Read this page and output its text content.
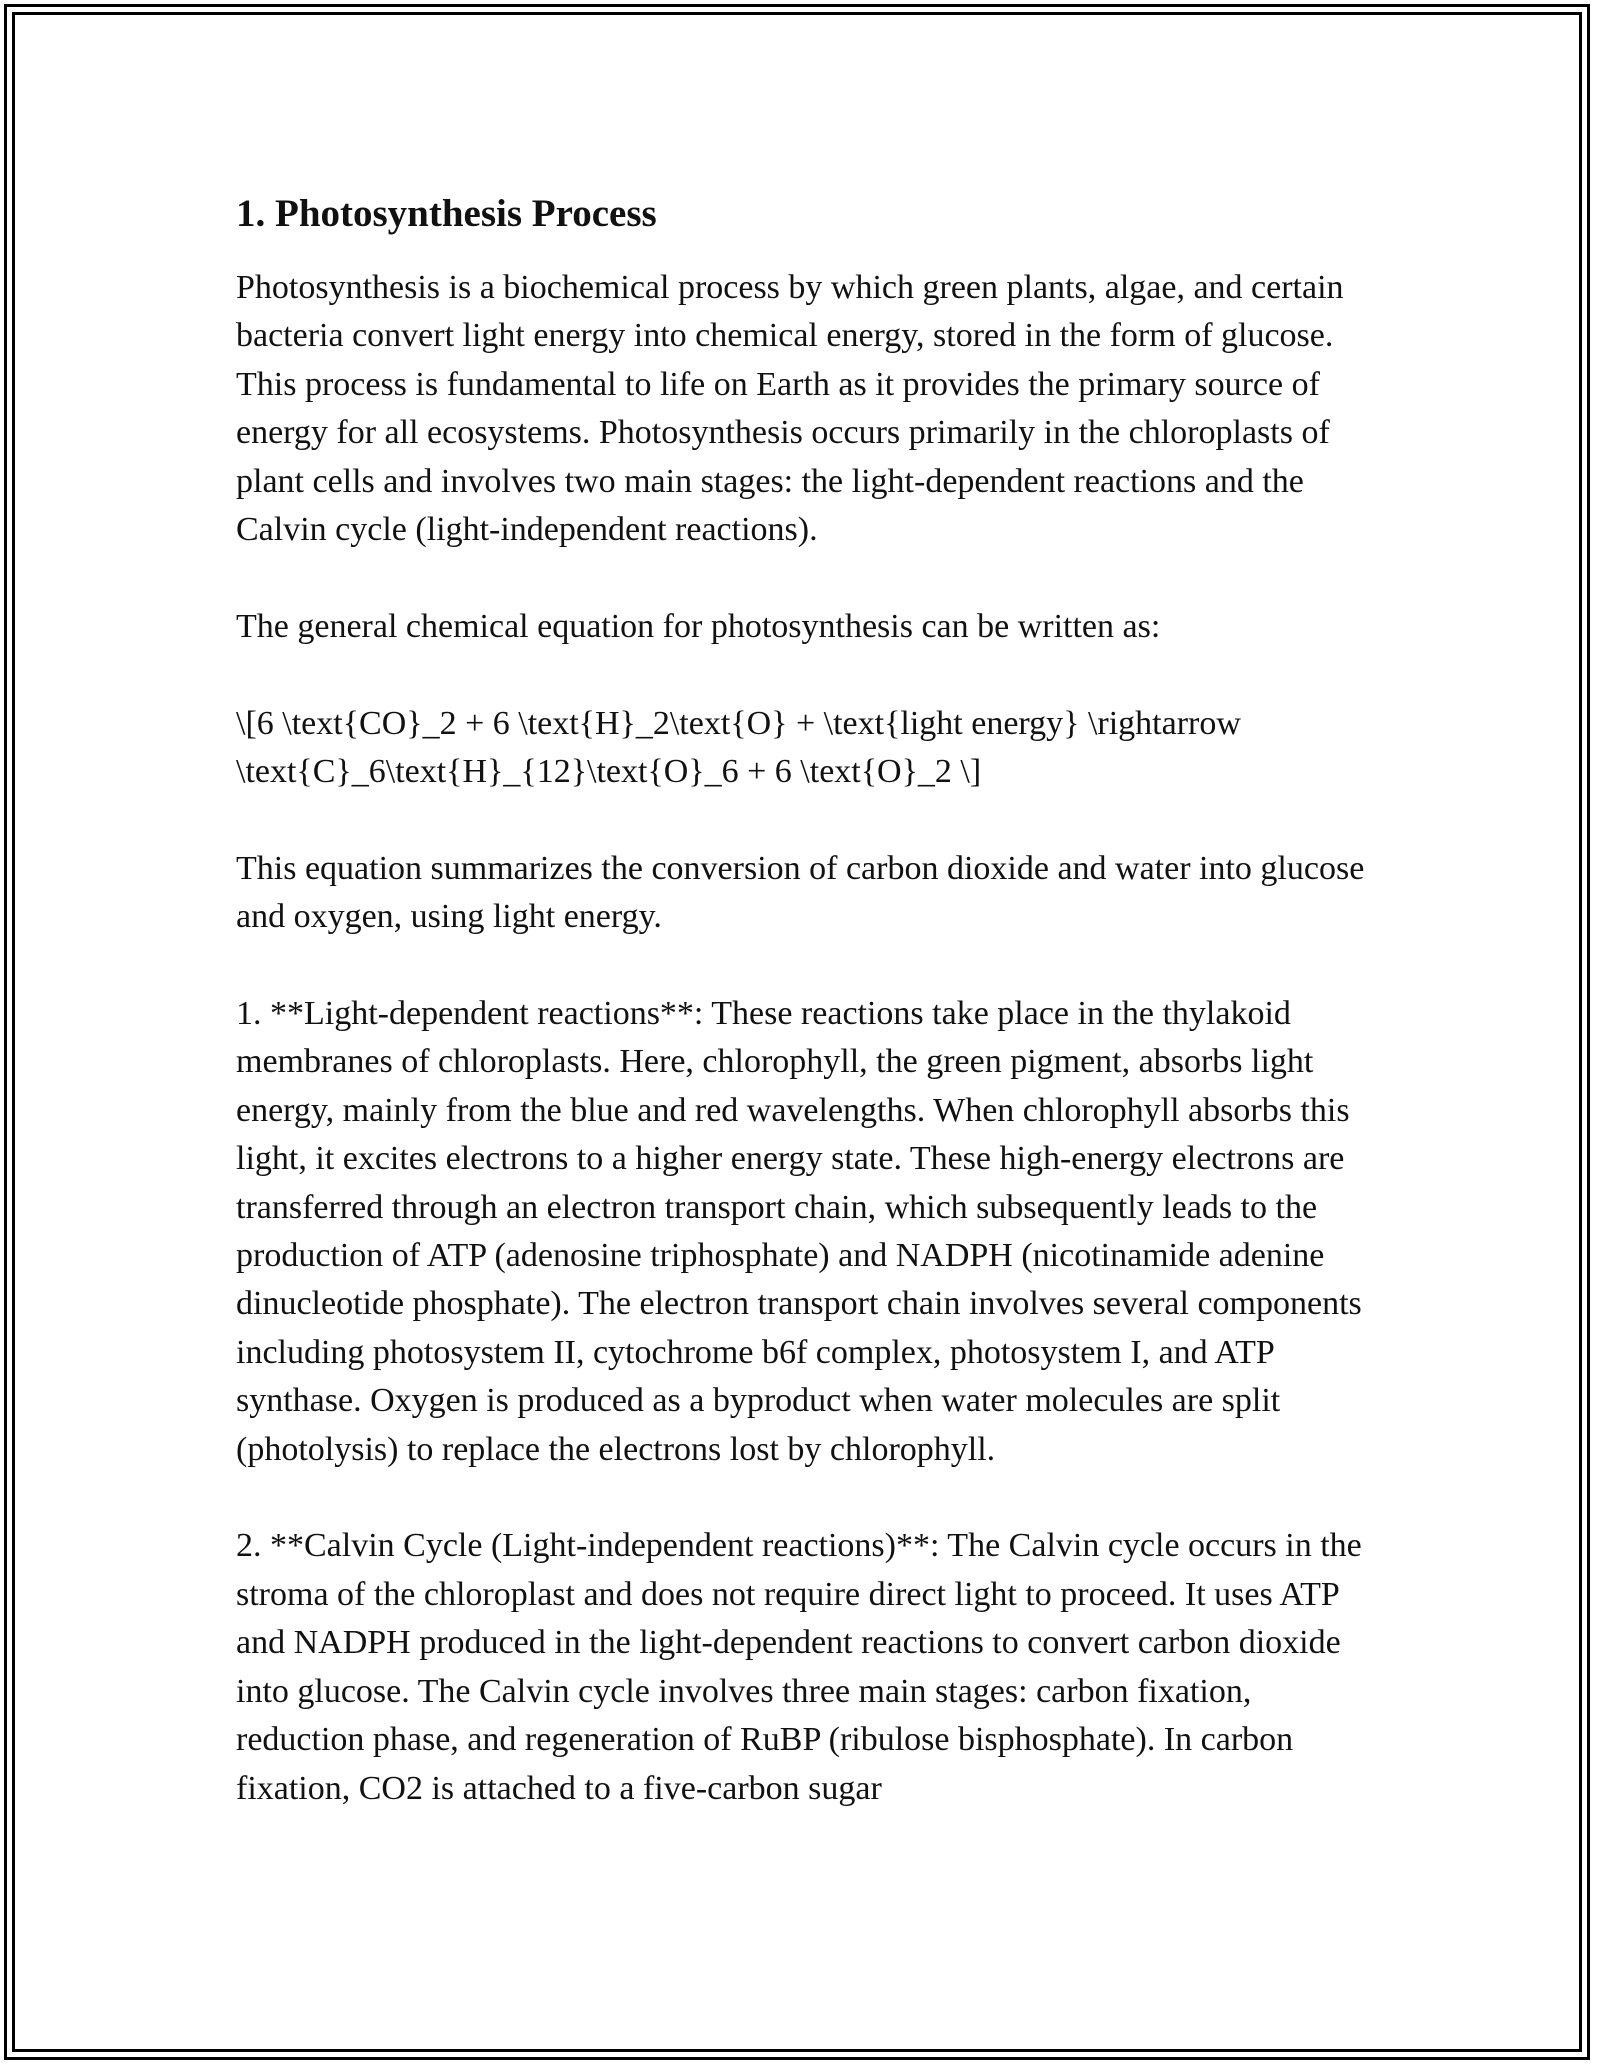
1. Photosynthesis Process

Photosynthesis is a biochemical process by which green plants, algae, and certain bacteria convert light energy into chemical energy, stored in the form of glucose. This process is fundamental to life on Earth as it provides the primary source of energy for all ecosystems. Photosynthesis occurs primarily in the chloroplasts of plant cells and involves two main stages: the light-dependent reactions and the Calvin cycle (light-independent reactions).

The general chemical equation for photosynthesis can be written as:

\[6 \text{CO}_2 + 6 \text{H}_2\text{O} + \text{light energy} \rightarrow \text{C}_6\text{H}_{12}\text{O}_6 + 6 \text{O}_2 \]

This equation summarizes the conversion of carbon dioxide and water into glucose and oxygen, using light energy.

1. **Light-dependent reactions**: These reactions take place in the thylakoid membranes of chloroplasts. Here, chlorophyll, the green pigment, absorbs light energy, mainly from the blue and red wavelengths. When chlorophyll absorbs this light, it excites electrons to a higher energy state. These high-energy electrons are transferred through an electron transport chain, which subsequently leads to the production of ATP (adenosine triphosphate) and NADPH (nicotinamide adenine dinucleotide phosphate). The electron transport chain involves several components including photosystem II, cytochrome b6f complex, photosystem I, and ATP synthase. Oxygen is produced as a byproduct when water molecules are split (photolysis) to replace the electrons lost by chlorophyll.

2. **Calvin Cycle (Light-independent reactions)**: The Calvin cycle occurs in the stroma of the chloroplast and does not require direct light to proceed. It uses ATP and NADPH produced in the light-dependent reactions to convert carbon dioxide into glucose. The Calvin cycle involves three main stages: carbon fixation, reduction phase, and regeneration of RuBP (ribulose bisphosphate). In carbon fixation, CO2 is attached to a five-carbon sugar
